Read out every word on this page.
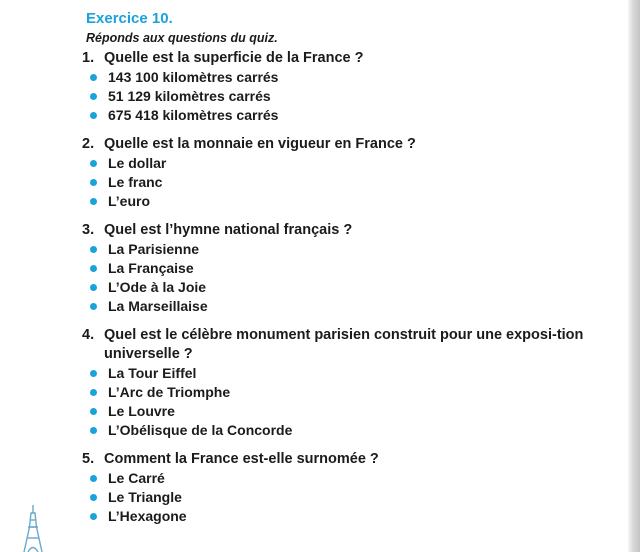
Exercice 10.
Réponds aux questions du quiz.
1. Quelle est la superficie de la France ?
143 100 kilomètres carrés
51 129 kilomètres carrés
675 418 kilomètres carrés
2. Quelle est la monnaie en vigueur en France ?
Le dollar
Le franc
L’euro
3. Quel est l’hymne national français ?
La Parisienne
La Française
L’Ode à la Joie
La Marseillaise
4. Quel est le célèbre monument parisien construit pour une exposi-tion universelle ?
La Tour Eiffel
L’Arc de Triomphe
Le Louvre
L’Obélisque de la Concorde
5. Comment la France est-elle surnomée ?
Le Carré
Le Triangle
L’Hexagone
